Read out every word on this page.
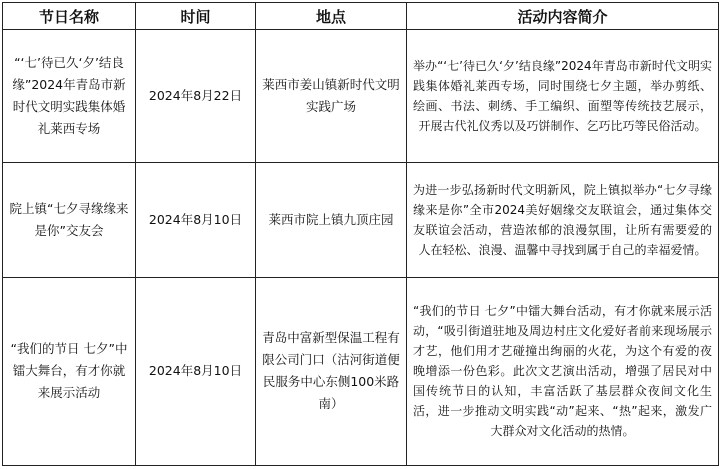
节日名称	时间	地点	活动内容简介
“‘七’待已久‘夕’结良缘”2024年青岛市新时代文明实践集体婚礼莱西专场	2024年8月22日	莱西市姜山镇新时代文明实践广场	举办“‘七’待已久‘夕’结良缘”2024年青岛市新时代文明实践集体婚礼莱西专场，同时围绕七夕主题，举办剪纸、绘画、书法、刺绣、手工编织、面塑等传统技艺展示，开展古代礼仪秀以及巧饼制作、乞巧比巧等民俗活动。
院上镇“七夕寻缘缘来是你”交友会	2024年8月10日	莱西市院上镇九顶庄园	为进一步弘扬新时代文明新风，院上镇拟举办“七夕寻缘 缘来是你”全市2024美好姻缘交友联谊会，通过集体交友联谊会活动，营造浓郁的浪漫氛围，让所有需要爱的人在轻松、浪漫、温馨中寻找到属于自己的幸福爱情。
“我们的节日 七夕”中镭大舞台，有才你就来展示活动	2024年8月10日	青岛中富新型保温工程有限公司门口（沽河街道便民服务中心东侧100米路南）	“我们的节日 七夕”中镭大舞台活动，有才你就来展示活动，“吸引街道驻地及周边村庄文化爱好者前来现场展示才艺，他们用才艺碰撞出绚丽的火花，为这个有爱的夜晚增添一份色彩。此次文艺演出活动，增强了居民对中国传统节日的认知，丰富活跃了基层群众夜间文化生活，进一步推动文明实践“动”起来、“热”起来，激发广大群众对文化活动的热情。
